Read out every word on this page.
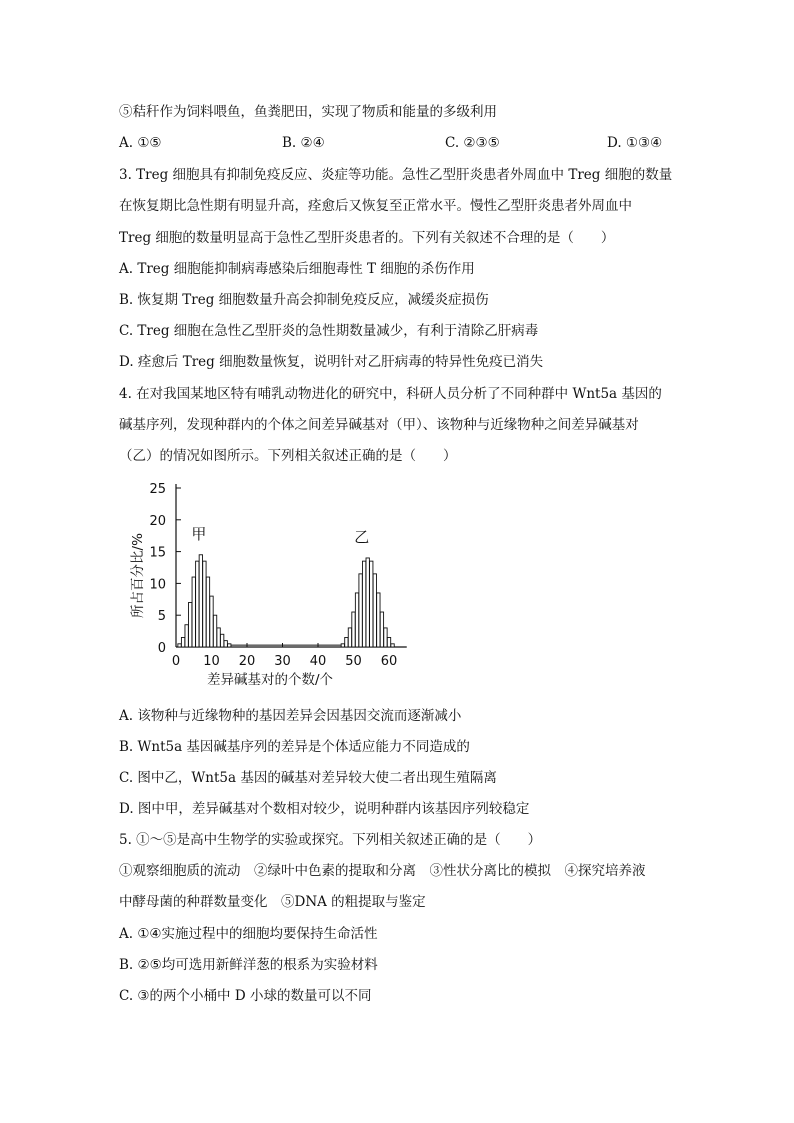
⑤秸秆作为饲料喂鱼，鱼粪肥田，实现了物质和能量的多级利用
A. ①⑤	B. ②④	C. ②③⑤	D. ①③④
3. Treg 细胞具有抑制免疫反应、炎症等功能。急性乙型肝炎患者外周血中 Treg 细胞的数量
在恢复期比急性期有明显升高，痊愈后又恢复至正常水平。慢性乙型肝炎患者外周血中
Treg 细胞的数量明显高于急性乙型肝炎患者的。下列有关叙述不合理的是（　　）
A. Treg 细胞能抑制病毒感染后细胞毒性 T 细胞的杀伤作用
B. 恢复期 Treg 细胞数量升高会抑制免疫反应，减缓炎症损伤
C. Treg 细胞在急性乙型肝炎的急性期数量减少，有利于清除乙肝病毒
D. 痊愈后 Treg 细胞数量恢复，说明针对乙肝病毒的特异性免疫已消失
4. 在对我国某地区特有哺乳动物进化的研究中，科研人员分析了不同种群中 Wnt5a 基因的
碱基序列，发现种群内的个体之间差异碱基对（甲）、该物种与近缘物种之间差异碱基对
（乙）的情况如图所示。下列相关叙述正确的是（　　）
0
5
10
15
20
25
0 10 20 30 40 50 60
甲	乙
差异碱基对的个数/个
所占百分比/%
A. 该物种与近缘物种的基因差异会因基因交流而逐渐减小
B. Wnt5a 基因碱基序列的差异是个体适应能力不同造成的
C. 图中乙，Wnt5a 基因的碱基对差异较大使二者出现生殖隔离
D. 图中甲，差异碱基对个数相对较少，说明种群内该基因序列较稳定
5. ①～⑤是高中生物学的实验或探究。下列相关叙述正确的是（　　）
①观察细胞质的流动　②绿叶中色素的提取和分离　③性状分离比的模拟　④探究培养液
中酵母菌的种群数量变化　⑤DNA 的粗提取与鉴定
A. ①④实施过程中的细胞均要保持生命活性
B. ②⑤均可选用新鲜洋葱的根系为实验材料
C. ③的两个小桶中 D 小球的数量可以不同
